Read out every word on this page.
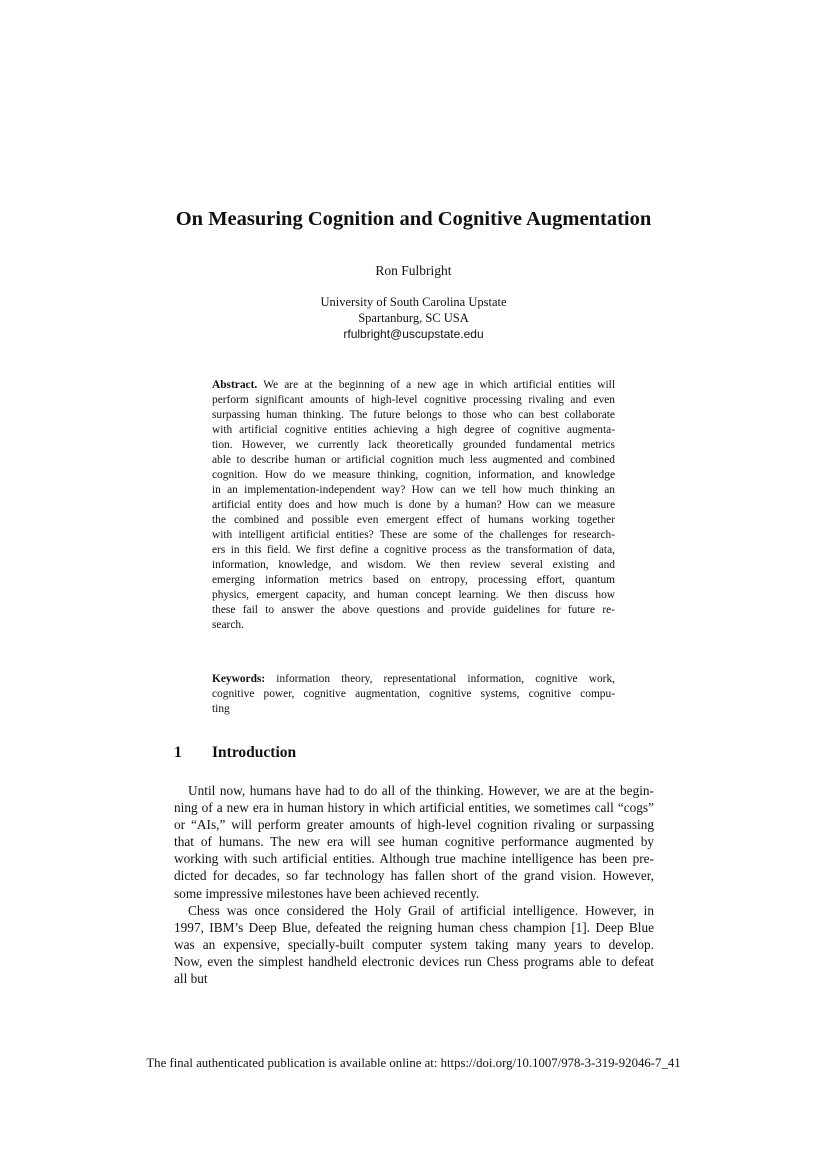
On Measuring Cognition and Cognitive Augmentation
Ron Fulbright
University of South Carolina Upstate
Spartanburg, SC USA
rfulbright@uscupstate.edu
Abstract. We are at the beginning of a new age in which artificial entities will
perform significant amounts of high-level cognitive processing rivaling and even
surpassing human thinking. The future belongs to those who can best collaborate
with artificial cognitive entities achieving a high degree of cognitive augmenta-
tion. However, we currently lack theoretically grounded fundamental metrics
able to describe human or artificial cognition much less augmented and combined
cognition. How do we measure thinking, cognition, information, and knowledge
in an implementation-independent way? How can we tell how much thinking an
artificial entity does and how much is done by a human? How can we measure
the combined and possible even emergent effect of humans working together
with intelligent artificial entities? These are some of the challenges for research-
ers in this field. We first define a cognitive process as the transformation of data,
information, knowledge, and wisdom. We then review several existing and
emerging information metrics based on entropy, processing effort, quantum
physics, emergent capacity, and human concept learning. We then discuss how
these fail to answer the above questions and provide guidelines for future re-
search.
Keywords: information theory, representational information, cognitive work,
cognitive power, cognitive augmentation, cognitive systems, cognitive compu-
ting
1 Introduction
Until now, humans have had to do all of the thinking. However, we are at the begin-
ning of a new era in human history in which artificial entities, we sometimes call “cogs”
or “AIs,” will perform greater amounts of high-level cognition rivaling or surpassing
that of humans. The new era will see human cognitive performance augmented by
working with such artificial entities. Although true machine intelligence has been pre-
dicted for decades, so far technology has fallen short of the grand vision. However,
some impressive milestones have been achieved recently.
Chess was once considered the Holy Grail of artificial intelligence. However, in
1997, IBM’s Deep Blue, defeated the reigning human chess champion [1]. Deep Blue
was an expensive, specially-built computer system taking many years to develop.
Now, even the simplest handheld electronic devices run Chess programs able to defeat
all but
The final authenticated publication is available online at: https://doi.org/10.1007/978-3-319-92046-7_41
